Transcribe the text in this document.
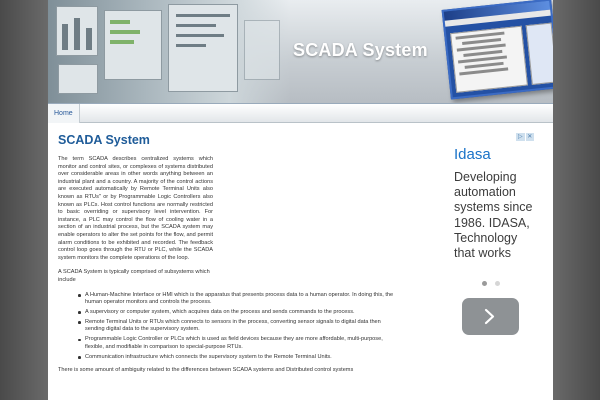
SCADA System
Home
SCADA System

The term SCADA describes centralized systems which monitor and control sites, or complexes of systems distributed over considerable areas in other words anything between an industrial plant and a country. A majority of the control actions are executed automatically by Remote Terminal Units also known as RTUs" or by Programmable Logic Controllers also known as PLCs. Host control functions are normally restricted to basic overriding or supervisory level intervention. For instance, a PLC may control the flow of cooling water in a section of an industrial process, but the SCADA system may enable operators to alter the set points for the flow, and permit alarm conditions to be exhibited and recorded. The feedback control loop goes through the RTU or PLC, while the SCADA system monitors the complete operations of the loop.

A SCADA System is typically comprised of subsystems which include

A Human-Machine Interface or HMI which is the apparatus that presents process data to a human operator. In doing this, the human operator monitors and controls the process.
A supervisory or computer system, which acquires data on the process and sends commands to the process.
Remote Terminal Units or RTUs which connects to sensors in the process, converting sensor signals to digital data then sending digital data to the supervisory system.
Programmable Logic Controller or PLCs which is used as field devices because they are more affordable, multi-purpose, flexible, and modifiable in comparison to special-purpose RTUs.
Communication infrastructure which connects the supervisory system to the Remote Terminal Units.

There is some amount of ambiguity related to the differences between SCADA systems and Distributed control systems

▷ ✕
Idasa
Developing automation systems since 1986. IDASA, Technology that works
